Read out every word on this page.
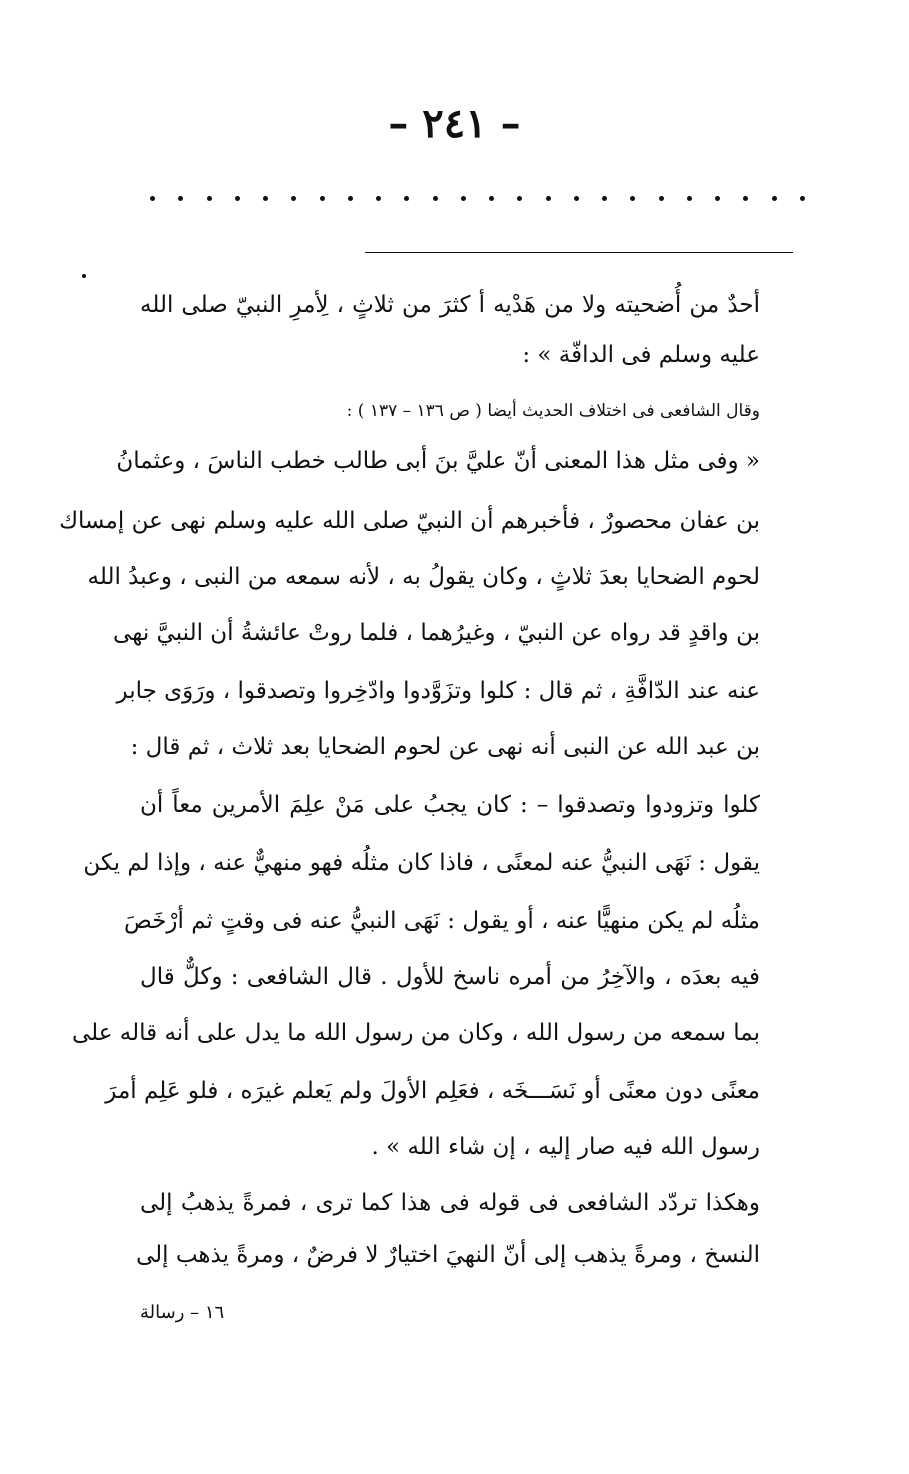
– ٢٤١ –
أحدٌ من أُضحيته ولا من هَدْيه أ كثرَ من ثلاثٍ ، لِأمرِ النبيّ صلى الله
عليه وسلم فى الدافّة » :
وقال الشافعى فى اختلاف الحديث أيضا ( ص ١٣٦ – ١٣٧ ) :
« وفى مثل هذا المعنى أنّ عليَّ بنَ أبى طالب خطب الناسَ ، وعثمانُ
بن عفان محصورٌ ، فأخبرهم أن النبيّ صلى الله عليه وسلم نهى عن إمساك
لحوم الضحايا بعدَ ثلاثٍ ، وكان يقولُ به ، لأنه سمعه من النبى ، وعبدُ الله
بن واقدٍ قد رواه عن النبيّ ، وغيرُهما ، فلما روتْ عائشةُ أن النبيَّ نهى
عنه عند الدّافَّةِ ، ثم قال : كلوا وتزَوَّدوا وادّخِروا وتصدقوا ، ورَوَى جابر
بن عبد الله عن النبى أنه نهى عن لحوم الضحايا بعد ثلاث ، ثم قال :
كلوا وتزودوا وتصدقوا – : كان يجبُ على مَنْ علِمَ الأمرين معاً أن
يقول : نَهَى النبيُّ عنه لمعنًى ، فاذا كان مثلُه فهو منهيٌّ عنه ، وإذا لم يكن
مثلُه لم يكن منهيًّا عنه ، أو يقول : نَهَى النبيُّ عنه فى وقتٍ ثم أرْخَصَ
فيه بعدَه ، والآخِرُ من أمره ناسخ للأول . قال الشافعى : وكلٌّ قال
بما سمعه من رسول الله ، وكان من رسول الله ما يدل على أنه قاله على
معنًى دون معنًى أو نَسَـــخَه ، فعَلِم الأولَ ولم يَعلم غيرَه ، فلو عَلِم أمرَ
رسول الله فيه صار إليه ، إن شاء الله » .
وهكذا تردّد الشافعى فى قوله فى هذا كما ترى ، فمرةً يذهبُ إلى
النسخ ، ومرةً يذهب إلى أنّ النهيَ اختيارٌ لا فرضٌ ، ومرةً يذهب إلى
١٦ – رسالة
